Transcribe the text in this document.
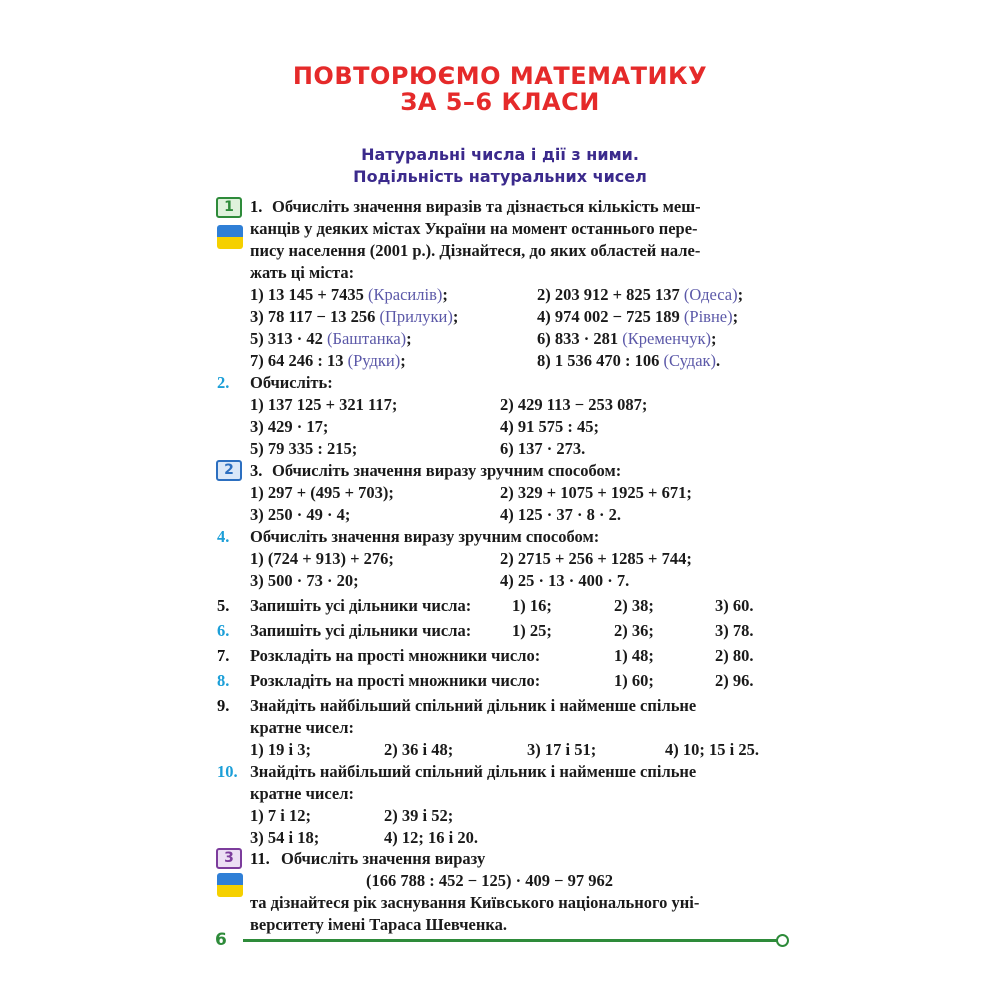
ПОВТОРЮЄМО МАТЕМАТИКУ
ЗА 5–6 КЛАСИ
Натуральні числа і дії з ними.
Подільність натуральних чисел
1 1. Обчисліть значення виразів та дізнається кількість меш-
канців у деяких містах України на момент останнього пере-
пису населення (2001 р.). Дізнайтеся, до яких областей нале-
жать ці міста:
1) 13 145 + 7435 (Красилів);	2) 203 912 + 825 137 (Одеса);
3) 78 117 − 13 256 (Прилуки);	4) 974 002 − 725 189 (Рівне);
5) 313 · 42 (Баштанка);	6) 833 · 281 (Кременчук);
7) 64 246 : 13 (Рудки);	8) 1 536 470 : 106 (Судак).
2. Обчисліть:
1) 137 125 + 321 117;	2) 429 113 − 253 087;
3) 429 · 17;	4) 91 575 : 45;
5) 79 335 : 215;	6) 137 · 273.
2 3. Обчисліть значення виразу зручним способом:
1) 297 + (495 + 703);	2) 329 + 1075 + 1925 + 671;
3) 250 · 49 · 4;	4) 125 · 37 · 8 · 2.
4. Обчисліть значення виразу зручним способом:
1) (724 + 913) + 276;	2) 2715 + 256 + 1285 + 744;
3) 500 · 73 · 20;	4) 25 · 13 · 400 · 7.
5. Запишіть усі дільники числа: 1) 16;	2) 38;	3) 60.
6. Запишіть усі дільники числа: 1) 25;	2) 36;	3) 78.
7. Розкладіть на прості множники число:	1) 48;	2) 80.
8. Розкладіть на прості множники число:	1) 60;	2) 96.
9. Знайдіть найбільший спільний дільник і найменше спільне
кратне чисел:
1) 19 і 3;	2) 36 і 48;	3) 17 і 51;	4) 10; 15 і 25.
10. Знайдіть найбільший спільний дільник і найменше спільне
кратне чисел:
1) 7 і 12;	2) 39 і 52;
3) 54 і 18;	4) 12; 16 і 20.
3 11. Обчисліть значення виразу
(166 788 : 452 − 125) · 409 − 97 962
та дізнайтеся рік заснування Київського національного уні-
верситету імені Тараса Шевченка.
6
